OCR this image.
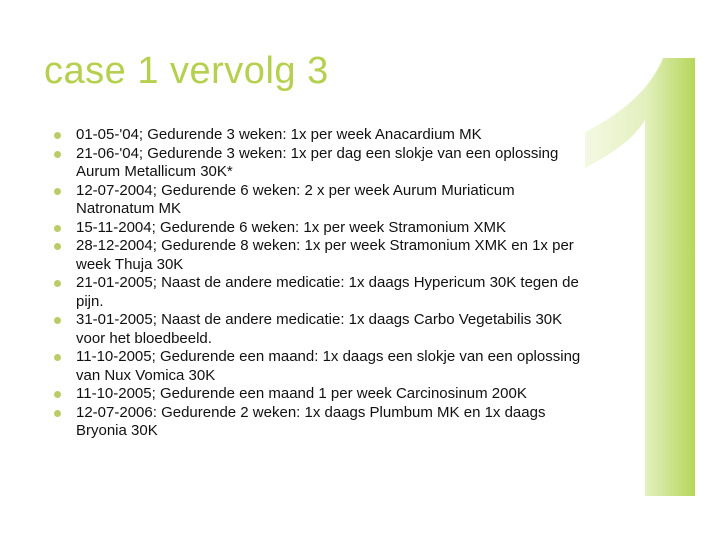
case 1 vervolg 3
01-05-'04; Gedurende 3 weken: 1x per week Anacardium MK
21-06-'04; Gedurende 3 weken: 1x per dag een slokje van een oplossing
Aurum Metallicum 30K*
12-07-2004; Gedurende 6 weken: 2 x per week Aurum Muriaticum
Natronatum MK
15-11-2004; Gedurende 6 weken: 1x per week Stramonium XMK
28-12-2004; Gedurende 8 weken: 1x per week Stramonium XMK en 1x per
week Thuja 30K
21-01-2005; Naast de andere medicatie: 1x daags Hypericum 30K tegen de
pijn.
31-01-2005; Naast de andere medicatie: 1x daags Carbo Vegetabilis 30K
voor het bloedbeeld.
11-10-2005; Gedurende een maand: 1x daags een slokje van een oplossing
van Nux Vomica 30K
11-10-2005; Gedurende een maand 1 per week Carcinosinum 200K
12-07-2006: Gedurende 2 weken: 1x daags Plumbum MK en 1x daags
Bryonia 30K
